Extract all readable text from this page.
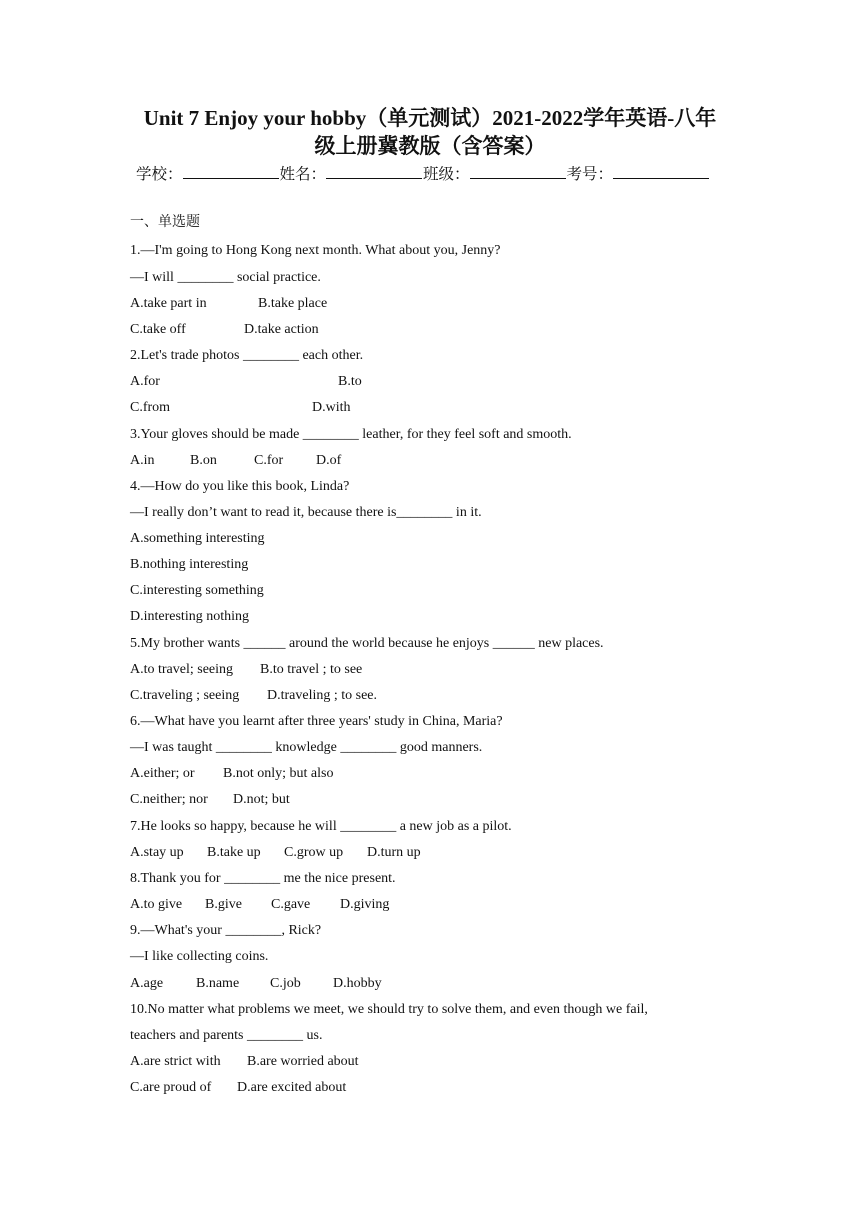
Unit 7 Enjoy your hobby（单元测试）2021-2022学年英语-八年
级上册冀教版（含答案）
学校：	姓名：	班级：	考号：
一、单选题
1.—I'm going to Hong Kong next month. What about you, Jenny?
—I will ________ social practice.
A.take part in	B.take place
C.take off	D.take action
2.Let's trade photos ________ each other.
A.for	B.to
C.from	D.with
3.Your gloves should be made ________ leather, for they feel soft and smooth.
A.in	B.on	C.for D.of
4.—How do you like this book, Linda?
—I really don’t want to read it, because there is________ in it.
A.something interesting
B.nothing interesting
C.interesting something
D.interesting nothing
5.My brother wants ______ around the world because he enjoys ______ new places.
A.to travel; seeing B.to travel ; to see
C.traveling ; seeing D.traveling ; to see.
6.—What have you learnt after three years' study in China, Maria?
—I was taught ________ knowledge ________ good manners.
A.either; or B.not only; but also
C.neither; nor D.not; but
7.He looks so happy, because he will ________ a new job as a pilot.
A.stay up B.take up C.grow up D.turn up
8.Thank you for ________ me the nice present.
A.to give B.give C.gave D.giving
9.—What's your ________, Rick?
—I like collecting coins.
A.age B.name C.job D.hobby
10.No matter what problems we meet, we should try to solve them, and even though we fail,
teachers and parents ________ us.
A.are strict with B.are worried about
C.are proud of D.are excited about
